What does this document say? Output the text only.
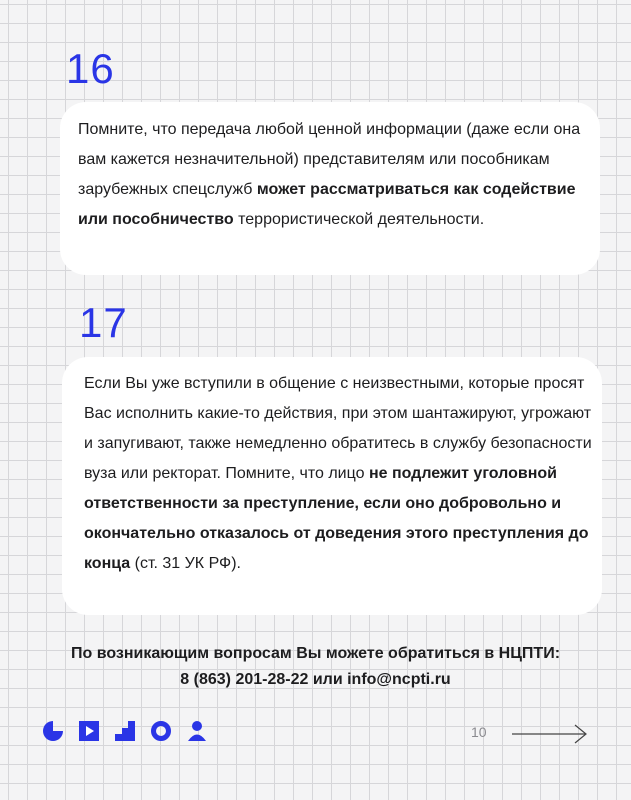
16
Помните, что передача любой ценной информации (даже если она вам кажется незначительной) представителям или пособникам зарубежных спецслужб может рассматриваться как содействие или пособничество террористической деятельности.
17
Если Вы уже вступили в общение с неизвестными, которые просят Вас исполнить какие-то действия, при этом шантажируют, угрожают и запугивают, также немедленно обратитесь в службу безопасности вуза или ректорат. Помните, что лицо не подлежит уголовной ответственности за преступление, если оно добровольно и окончательно отказалось от доведения этого преступления до конца (ст. 31 УК РФ).
По возникающим вопросам Вы можете обратиться в НЦПТИ:
8 (863) 201-28-22 или info@ncpti.ru
10
